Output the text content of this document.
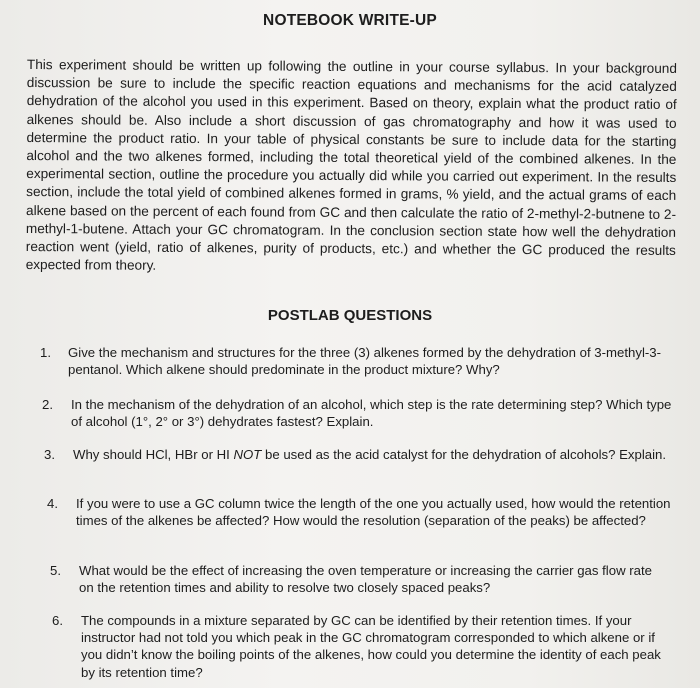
NOTEBOOK WRITE-UP
This experiment should be written up following the outline in your course syllabus. In your background discussion be sure to include the specific reaction equations and mechanisms for the acid catalyzed dehydration of the alcohol you used in this experiment. Based on theory, explain what the product ratio of alkenes should be. Also include a short discussion of gas chromatography and how it was used to determine the product ratio. In your table of physical constants be sure to include data for the starting alcohol and the two alkenes formed, including the total theoretical yield of the combined alkenes. In the experimental section, outline the procedure you actually did while you carried out experiment. In the results section, include the total yield of combined alkenes formed in grams, % yield, and the actual grams of each alkene based on the percent of each found from GC and then calculate the ratio of 2-methyl-2-butnene to 2-methyl-1-butene. Attach your GC chromatogram. In the conclusion section state how well the dehydration reaction went (yield, ratio of alkenes, purity of products, etc.) and whether the GC produced the results expected from theory.
POSTLAB QUESTIONS
1. Give the mechanism and structures for the three (3) alkenes formed by the dehydration of 3-methyl-3-pentanol. Which alkene should predominate in the product mixture? Why?
2. In the mechanism of the dehydration of an alcohol, which step is the rate determining step? Which type of alcohol (1°, 2° or 3°) dehydrates fastest? Explain.
3. Why should HCl, HBr or HI NOT be used as the acid catalyst for the dehydration of alcohols? Explain.
4. If you were to use a GC column twice the length of the one you actually used, how would the retention times of the alkenes be affected? How would the resolution (separation of the peaks) be affected?
5. What would be the effect of increasing the oven temperature or increasing the carrier gas flow rate on the retention times and ability to resolve two closely spaced peaks?
6. The compounds in a mixture separated by GC can be identified by their retention times. If your instructor had not told you which peak in the GC chromatogram corresponded to which alkene or if you didn’t know the boiling points of the alkenes, how could you determine the identity of each peak by its retention time?
